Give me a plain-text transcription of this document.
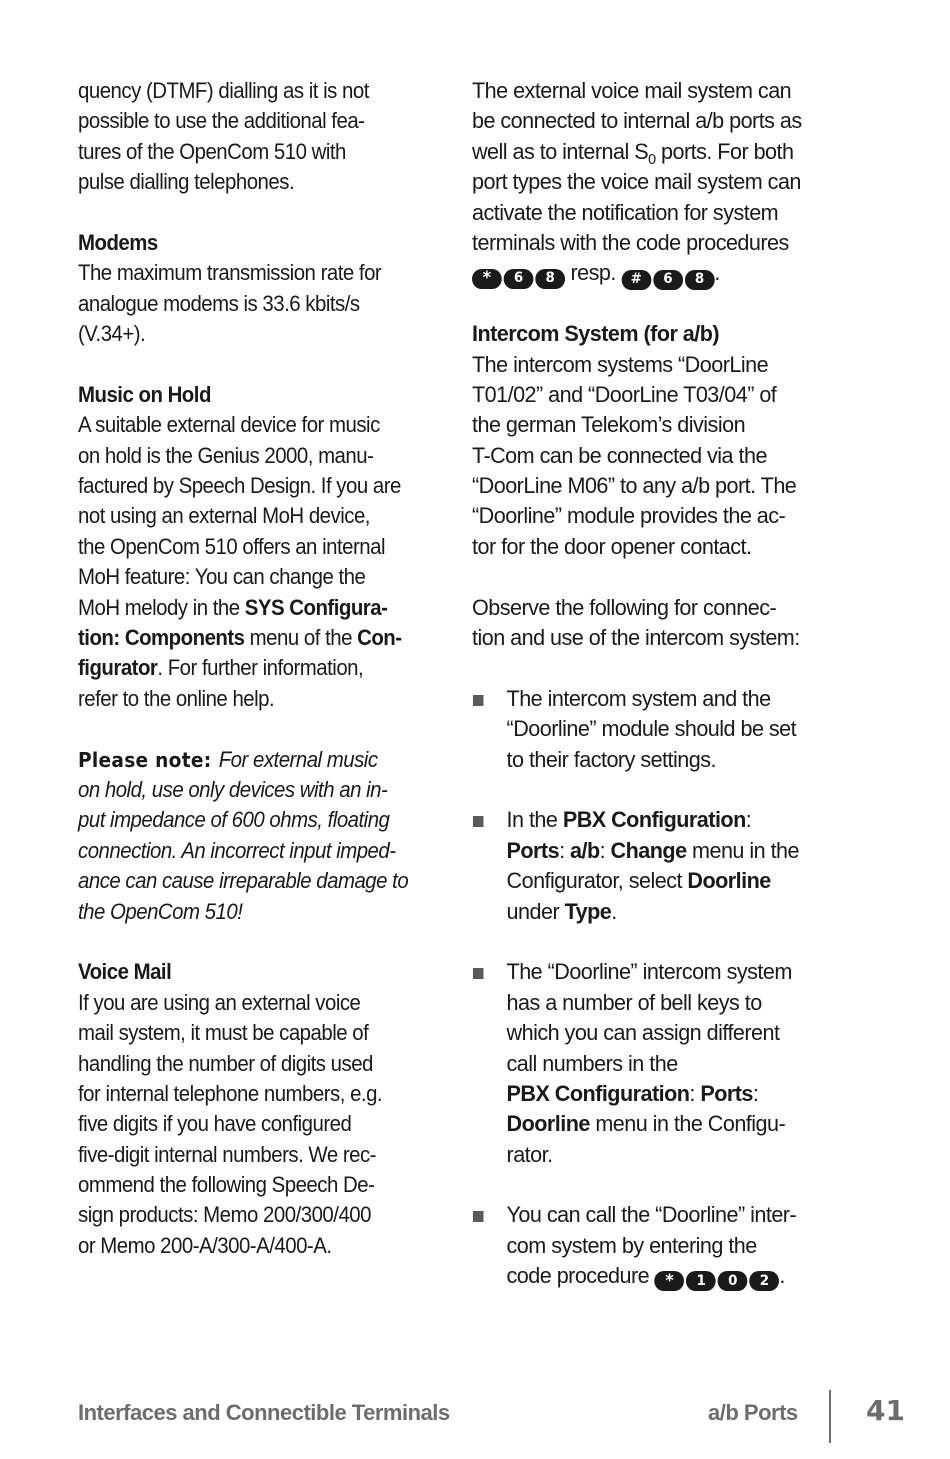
quency (DTMF) dialling as it is not
possible to use the additional fea-
tures of the OpenCom 510 with
pulse dialling telephones.
Modems
The maximum transmission rate for
analogue modems is 33.6 kbits/s
(V.34+).
Music on Hold
A suitable external device for music
on hold is the Genius 2000, manu-
factured by Speech Design. If you are
not using an external MoH device,
the OpenCom 510 offers an internal
MoH feature: You can change the
MoH melody in the SYS Configura-
tion: Components menu of the Con-
figurator. For further information,
refer to the online help.
Please note: For external music
on hold, use only devices with an in-
put impedance of 600 ohms, floating
connection. An incorrect input imped-
ance can cause irreparable damage to
the OpenCom 510!
Voice Mail
If you are using an external voice
mail system, it must be capable of
handling the number of digits used
for internal telephone numbers, e.g.
five digits if you have configured
five-digit internal numbers. We rec-
ommend the following Speech De-
sign products: Memo 200/300/400
or Memo 200-A/300-A/400-A.
The external voice mail system can
be connected to internal a/b ports as
well as to internal $S_0$ ports. For both
port types the voice mail system can
activate the notification for system
terminals with the code procedures
*	6	8 resp. #	6	8 .
Intercom System (for a/b)
The intercom systems “DoorLine
T01/02” and “DoorLine T03/04” of
the german Telekom’s division
T-Com can be connected via the
“DoorLine M06” to any a/b port. The
“Doorline” module provides the ac-
tor for the door opener contact.
Observe the following for connec-
tion and use of the intercom system:
The intercom system and the
“Doorline” module should be set
to their factory settings.
In the PBX Configuration:
Ports: a/b: Change menu in the
Configurator, select Doorline
under Type.
The “Doorline” intercom system
has a number of bell keys to
which you can assign different
call numbers in the
PBX Configuration: Ports:
Doorline menu in the Configu-
rator.
You can call the “Doorline” inter-
com system by entering the
code procedure *	1	0	2 .
Interfaces and Connectible Terminals	a/b Ports 41
